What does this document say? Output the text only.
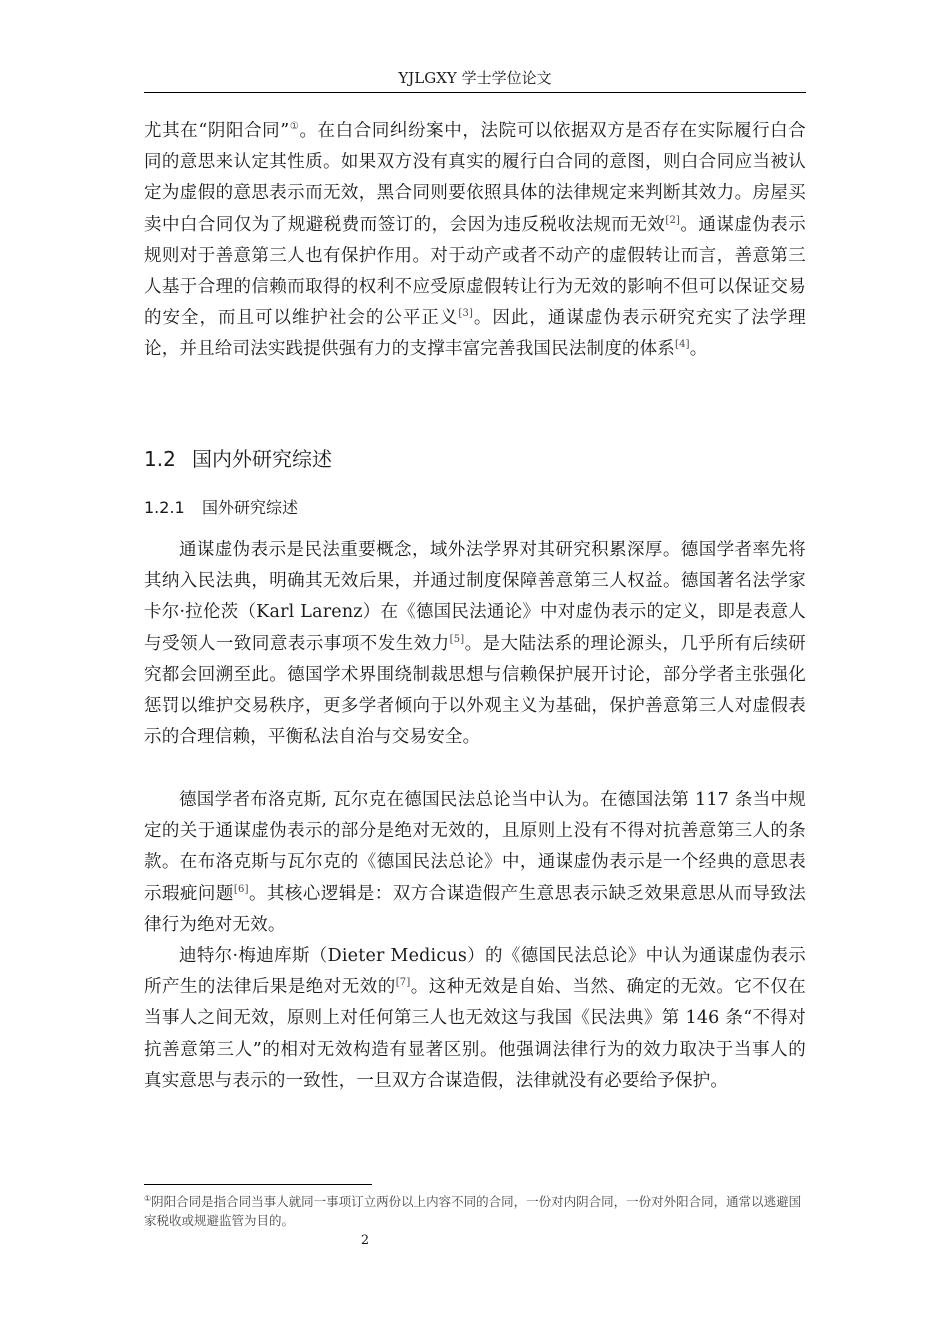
YJLGXY 学士学位论文

尤其在“阴阳合同”①。在白合同纠纷案中，法院可以依据双方是否存在实际履行白合同的意思来认定其性质。如果双方没有真实的履行白合同的意图，则白合同应当被认定为虚假的意思表示而无效，黑合同则要依照具体的法律规定来判断其效力。房屋买卖中白合同仅为了规避税费而签订的，会因为违反税收法规而无效[2]。通谋虚伪表示规则对于善意第三人也有保护作用。对于动产或者不动产的虚假转让而言，善意第三人基于合理的信赖而取得的权利不应受原虚假转让行为无效的影响不但可以保证交易的安全，而且可以维护社会的公平正义[3]。因此，通谋虚伪表示研究充实了法学理论，并且给司法实践提供强有力的支撑丰富完善我国民法制度的体系[4]。

1.2 国内外研究综述
1.2.1 国外研究综述

通谋虚伪表示是民法重要概念，域外法学界对其研究积累深厚。德国学者率先将其纳入民法典，明确其无效后果，并通过制度保障善意第三人权益。德国著名法学家卡尔·拉伦茨（Karl Larenz）在《德国民法通论》中对虚伪表示的定义，即是表意人与受领人一致同意表示事项不发生效力[5]。是大陆法系的理论源头，几乎所有后续研究都会回溯至此。德国学术界围绕制裁思想与信赖保护展开讨论，部分学者主张强化惩罚以维护交易秩序，更多学者倾向于以外观主义为基础，保护善意第三人对虚假表示的合理信赖，平衡私法自治与交易安全。

德国学者布洛克斯, 瓦尔克在德国民法总论当中认为。在德国法第 117 条当中规定的关于通谋虚伪表示的部分是绝对无效的，且原则上没有不得对抗善意第三人的条款。在布洛克斯与瓦尔克的《德国民法总论》中，通谋虚伪表示是一个经典的意思表示瑕疵问题[6]。其核心逻辑是：双方合谋造假产生意思表示缺乏效果意思从而导致法律行为绝对无效。

迪特尔·梅迪库斯（Dieter Medicus）的《德国民法总论》中认为通谋虚伪表示所产生的法律后果是绝对无效的[7]。这种无效是自始、当然、确定的无效。它不仅在当事人之间无效，原则上对任何第三人也无效这与我国《民法典》第 146 条“不得对抗善意第三人”的相对无效构造有显著区别。他强调法律行为的效力取决于当事人的真实意思与表示的一致性，一旦双方合谋造假，法律就没有必要给予保护。

①阴阳合同是指合同当事人就同一事项订立两份以上内容不同的合同，一份对内阴合同，一份对外阳合同，通常以逃避国家税收或规避监管为目的。

2
